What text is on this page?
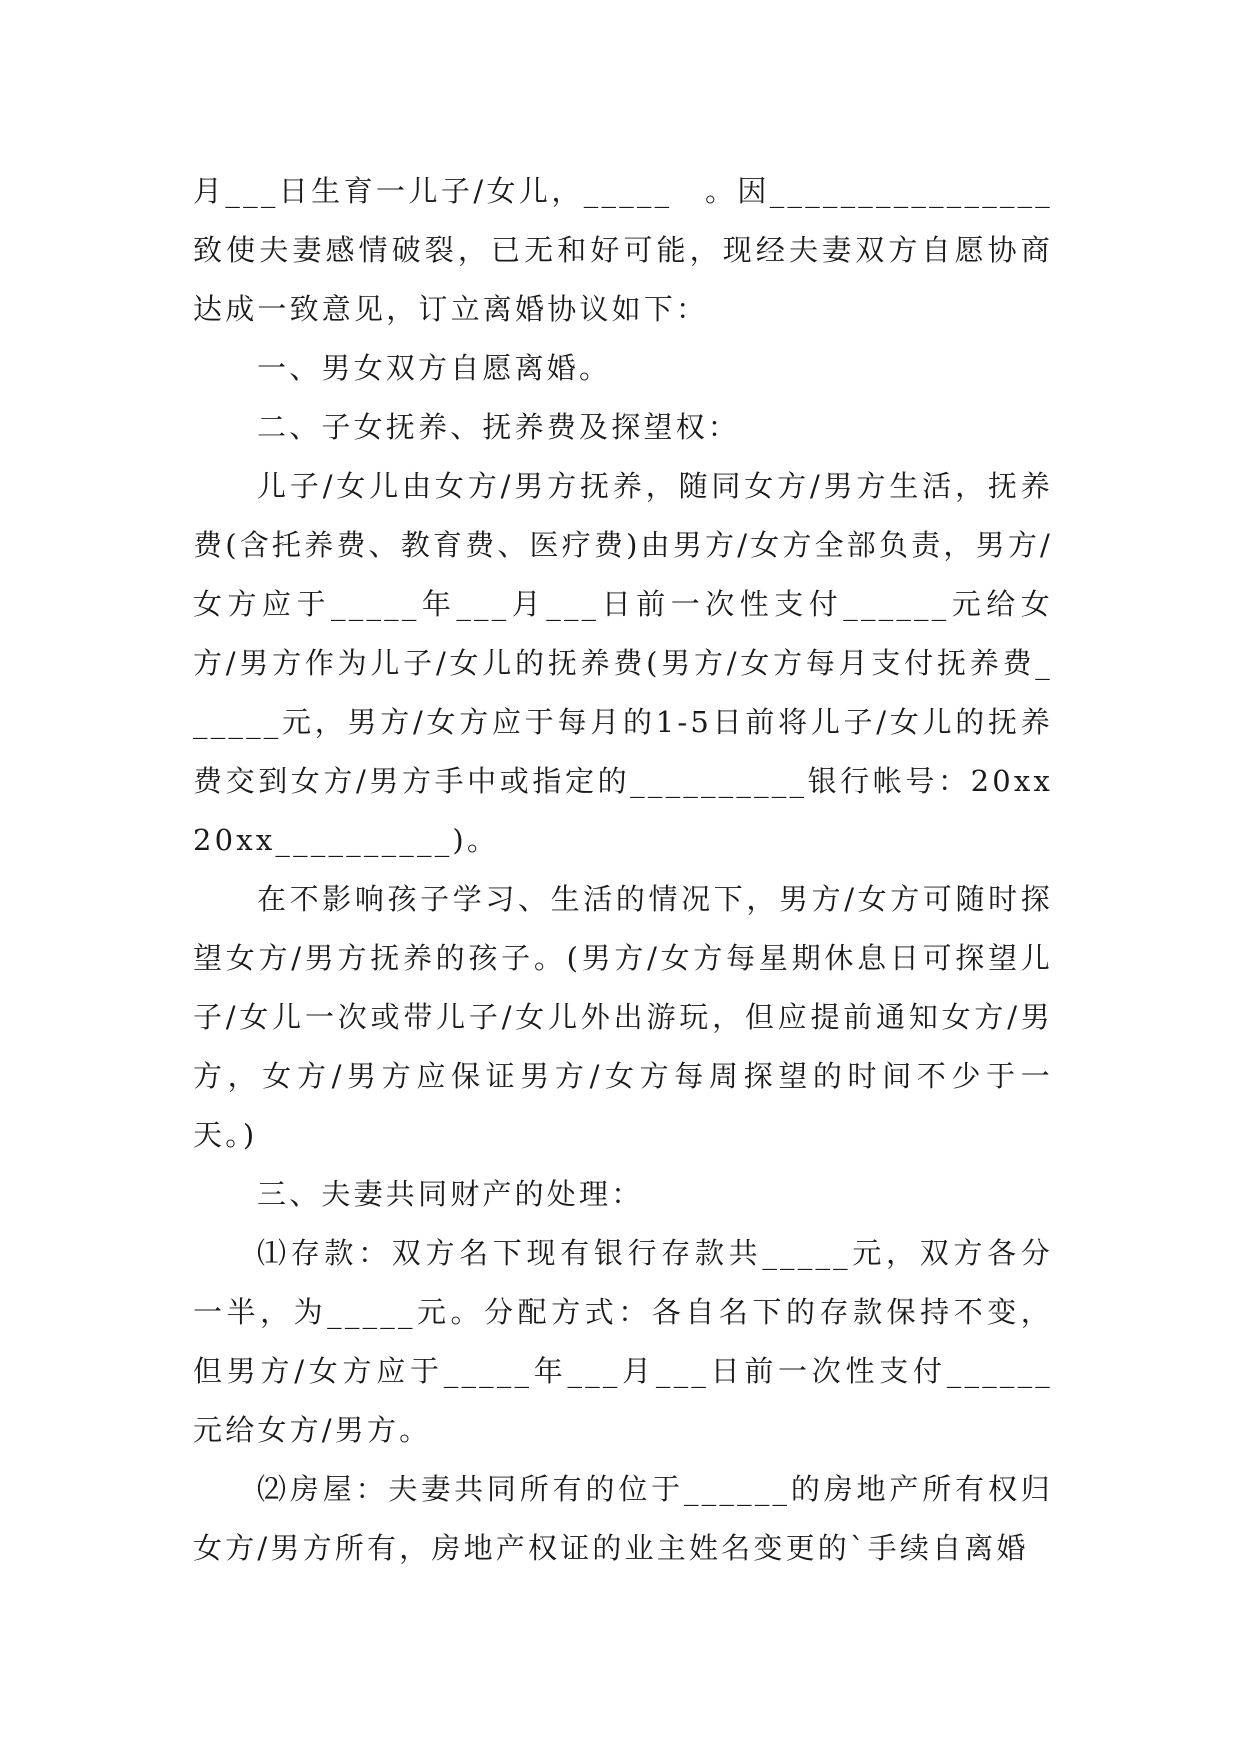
月___日生育一儿子/女儿，_____　。因________________致使夫妻感情破裂，已无和好可能，现经夫妻双方自愿协商达成一致意见，订立离婚协议如下：

一、男女双方自愿离婚。

二、子女抚养、抚养费及探望权：

儿子/女儿由女方/男方抚养，随同女方/男方生活，抚养费(含托养费、教育费、医疗费)由男方/女方全部负责，男方/女方应于_____年___月___日前一次性支付______元给女方/男方作为儿子/女儿的抚养费(男方/女方每月支付抚养费______元，男方/女方应于每月的1-5日前将儿子/女儿的抚养费交到女方/男方手中或指定的__________银行帐号：20xx20xx__________)。

在不影响孩子学习、生活的情况下，男方/女方可随时探望女方/男方抚养的孩子。(男方/女方每星期休息日可探望儿子/女儿一次或带儿子/女儿外出游玩，但应提前通知女方/男方，女方/男方应保证男方/女方每周探望的时间不少于一天。)

三、夫妻共同财产的处理：

⑴存款：双方名下现有银行存款共_____元，双方各分一半，为_____元。分配方式：各自名下的存款保持不变，但男方/女方应于_____年___月___日前一次性支付______元给女方/男方。

⑵房屋：夫妻共同所有的位于______的房地产所有权归女方/男方所有，房地产权证的业主姓名变更的`手续自离婚
